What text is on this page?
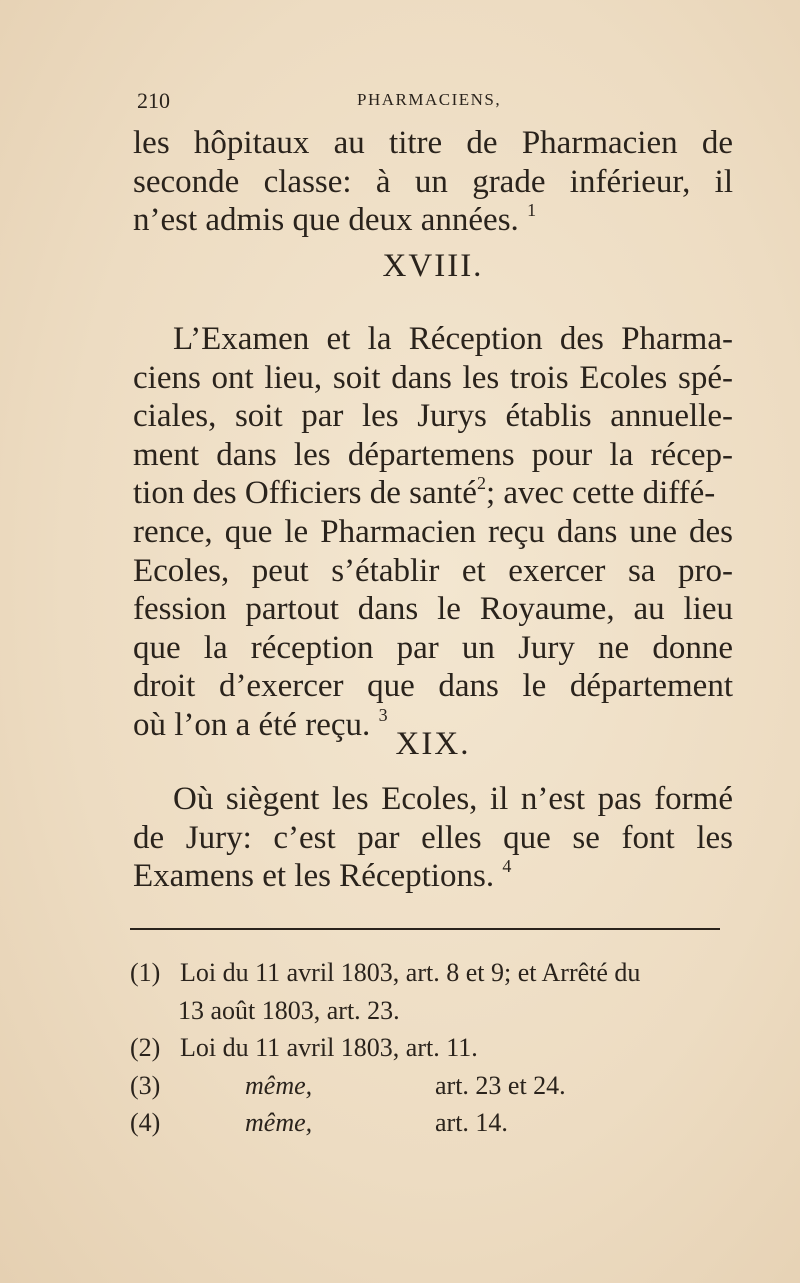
210	PHARMACIENS,
les hôpitaux au titre de Pharmacien de
seconde classe: à un grade inférieur, il
n’est admis que deux années. $^1$
XVIII.
L’Examen et la Réception des Pharma-
ciens ont lieu, soit dans les trois Ecoles spé-
ciales, soit par les Jurys établis annuelle-
ment dans les départemens pour la récep-
tion des Officiers de santé$^2$; avec cette diffé-
rence, que le Pharmacien reçu dans une des
Ecoles, peut s’établir et exercer sa pro-
fession partout dans le Royaume, au lieu
que la réception par un Jury ne donne
droit d’exercer que dans le département
où l’on a été reçu. $^3$
XIX.
Où siègent les Ecoles, il n’est pas formé
de Jury: c’est par elles que se font les
Examens et les Réceptions. $^4$
(1) Loi du 11 avril 1803, art. 8 et 9; et Arrêté du
13 août 1803, art. 23.
(2) Loi du 11 avril 1803, art. 11.
(3)	même,	art. 23 et 24.
(4)	même,	art. 14.
